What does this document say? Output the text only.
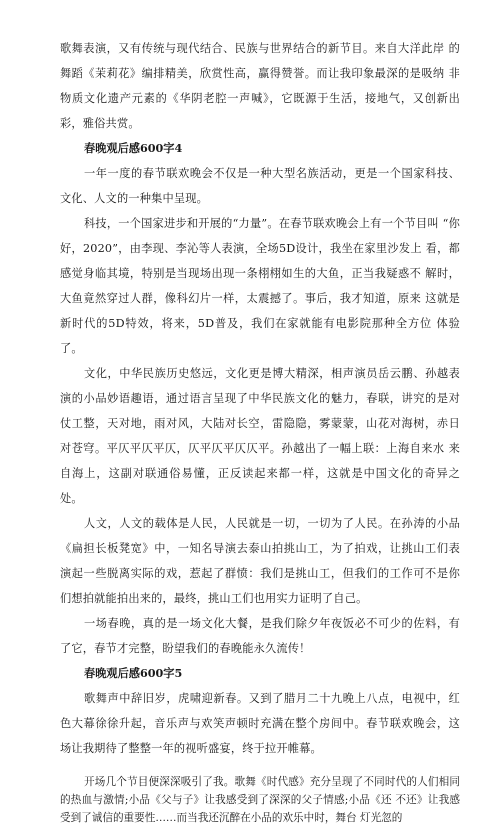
歌舞表演，又有传统与现代结合、民族与世界结合的新节目。来自大洋此岸 的舞蹈《茉莉花》编排精美，欣赏性高，赢得赞誉。而让我印象最深的是吸纳 非物质文化遗产元素的《华阴老腔一声喊》，它既源于生活，接地气，又创新出 彩，雅俗共赏。

春晚观后感600字4

一年一度的春节联欢晚会不仅是一种大型名族活动，更是一个国家科技、 文化、人文的一种集中呈现。

科技，一个国家进步和开展的“力量”。在春节联欢晚会上有一个节目叫 “你好，2020”，由李现、李沁等人表演，全场5D设计，我坐在家里沙发上 看，都感觉身临其境，特别是当现场出现一条栩栩如生的大鱼，正当我疑惑不 解时，大鱼竟然穿过人群，像科幻片一样，太震撼了。事后，我才知道，原来 这就是新时代的5D特效，将来，5D普及，我们在家就能有电影院那种全方位 体验了。

文化，中华民族历史悠远，文化更是博大精深，相声演员岳云鹏、孙越表 演的小品妙语趣语，通过语言呈现了中华民族文化的魅力，春联，讲究的是对 仗工整，天对地，雨对风，大陆对长空，雷隐隐，雾蒙蒙，山花对海树，赤日 对苍穹。平仄平仄平仄，仄平仄平仄仄平。孙越出了一幅上联：上海自来水 来自海上，这副对联通俗易懂，正反读起来都一样，这就是中国文化的奇异之 处。

人文，人文的载体是人民，人民就是一切，一切为了人民。在孙涛的小品 《扁担长板凳宽》中，一知名导演去泰山拍挑山工，为了拍戏，让挑山工们表 演起一些脱离实际的戏，惹起了群愤：我们是挑山工，但我们的工作可不是你 们想拍就能拍出来的，最终，挑山工们也用实力证明了自己。

一场春晚，真的是一场文化大餐，是我们除夕年夜饭必不可少的佐料，有 了它，春节才完整，盼望我们的春晚能永久流传！

春晚观后感600字5

歌舞声中辞旧岁，虎啸迎新春。又到了腊月二十九晚上八点，电视中，红 色大幕徐徐升起，音乐声与欢笑声顿时充满在整个房间中。春节联欢晚会，这 场让我期待了整整一年的视听盛宴，终于拉开帷幕。

开场几个节目便深深吸引了我。歌舞《时代感》充分呈现了不同时代的人们相同的热血与激情;小品《父与子》让我感受到了深深的父子情感;小品《还 不还》让我感受到了诚信的重要性……而当我还沉醉在小品的欢乐中时，舞台 灯光忽的
